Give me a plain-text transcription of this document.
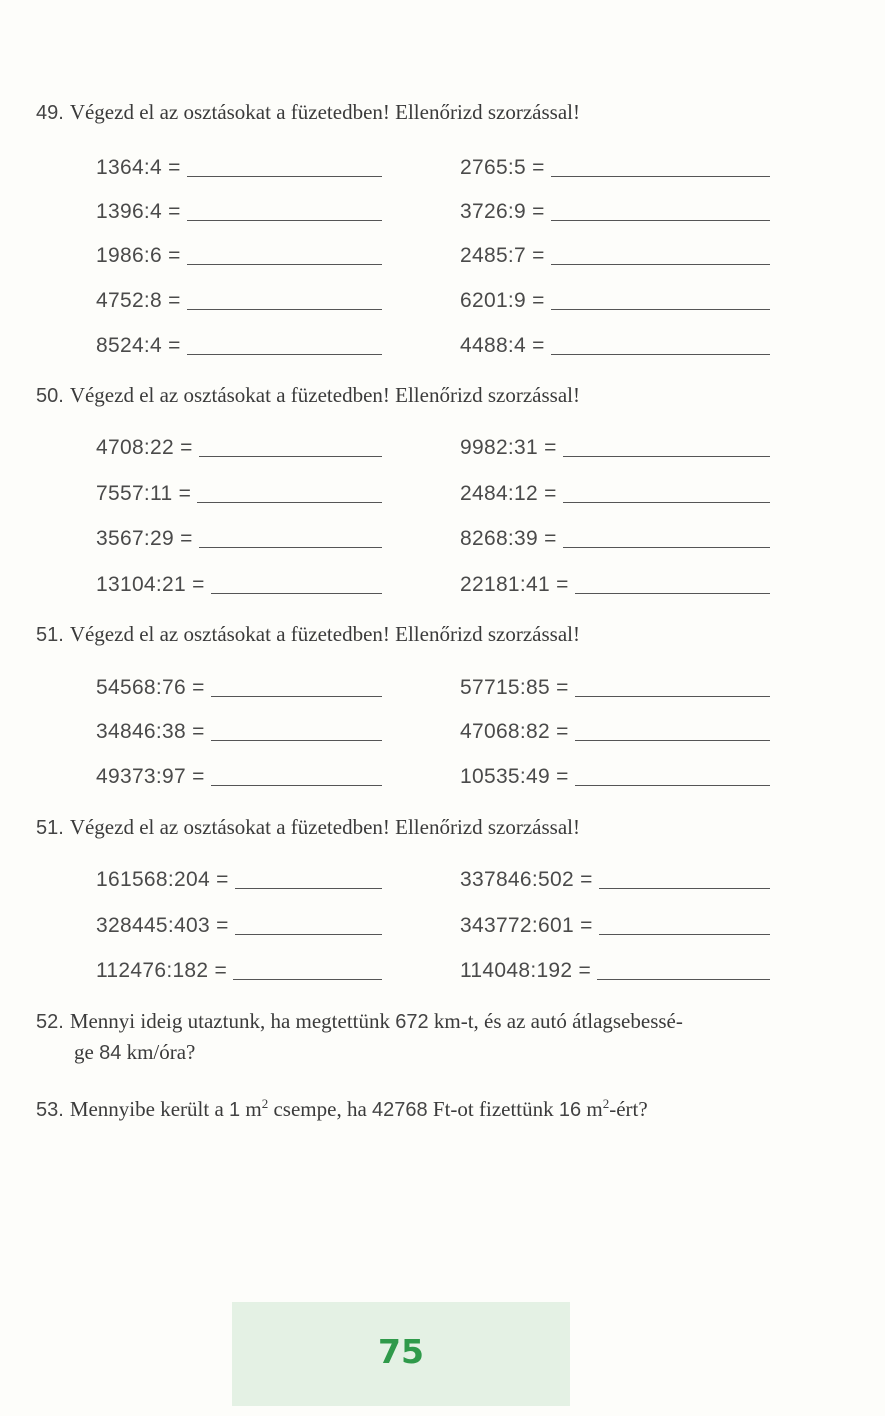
49. Végezd el az osztásokat a füzetedben! Ellenőrizd szorzással!
1364:4 =	2765:5 =
1396:4 =	3726:9 =
1986:6 =	2485:7 =
4752:8 =	6201:9 =
8524:4 =	4488:4 =
50. Végezd el az osztásokat a füzetedben! Ellenőrizd szorzással!
4708:22 =	9982:31 =
7557:11 =	2484:12 =
3567:29 =	8268:39 =
13104:21 =	22181:41 =
51. Végezd el az osztásokat a füzetedben! Ellenőrizd szorzással!
54568:76 =	57715:85 =
34846:38 =	47068:82 =
49373:97 =	10535:49 =
51. Végezd el az osztásokat a füzetedben! Ellenőrizd szorzással!
161568:204 =	337846:502 =
328445:403 =	343772:601 =
112476:182 =	114048:192 =
52. Mennyi ideig utaztunk, ha megtettünk 672 km-t, és az autó átlagsebessé-
ge 84 km/óra?
53. Mennyibe került a 1 $m^2$ csempe, ha 42768 Ft-ot fizettünk 16 $m^2$-ért?
75
